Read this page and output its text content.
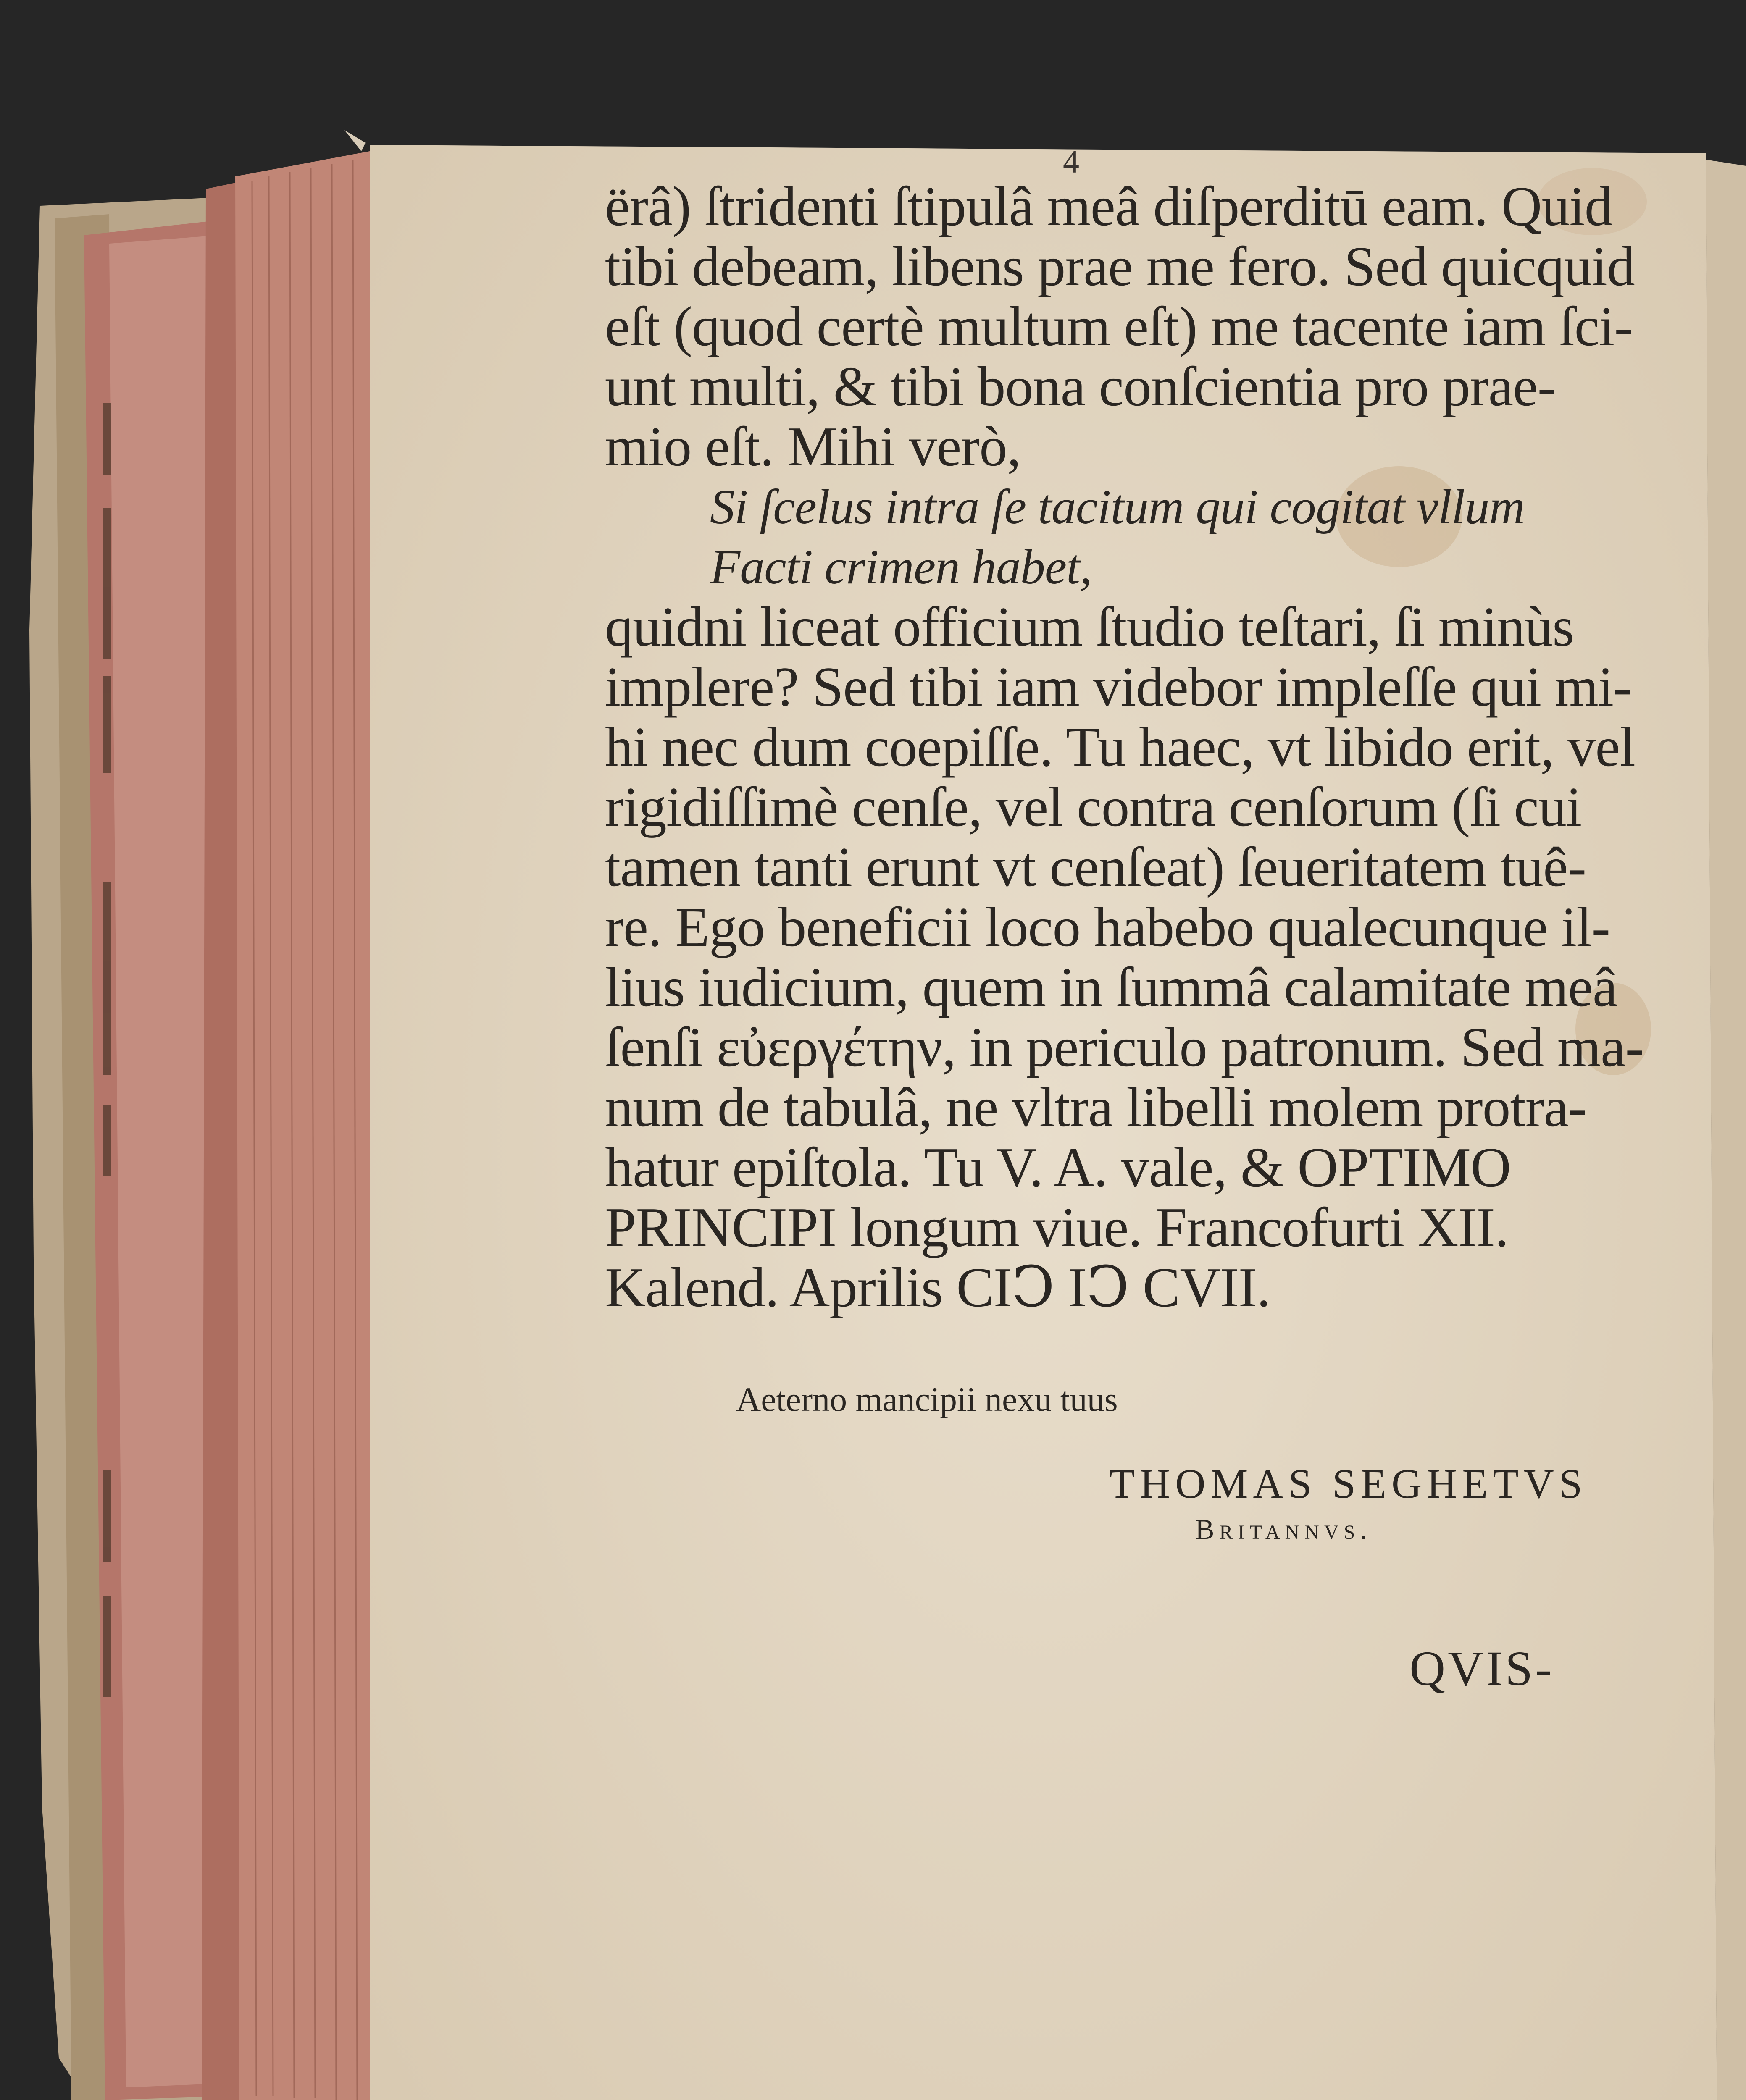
4
ërâ) ſtridenti ſtipulâ meâ diſperditū eam. Quid
tibi debeam, libens prae me fero. Sed quicquid
eſt (quod certè multum eſt) me tacente iam ſci-
unt multi, & tibi bona conſcientia pro prae-
mio eſt. Mihi verò,
Si ſcelus intra ſe tacitum qui cogitat vllum
Facti crimen habet,
quidni liceat officium ſtudio teſtari, ſi minùs
implere? Sed tibi iam videbor impleſſe qui mi-
hi nec dum coepiſſe. Tu haec, vt libido erit, vel
rigidiſſimè cenſe, vel contra cenſorum (ſi cui
tamen tanti erunt vt cenſeat) ſeueritatem tuê-
re. Ego beneficii loco habebo qualecunque il-
lius iudicium, quem in ſummâ calamitate meâ
ſenſi εὐεργέτην, in periculo patronum. Sed ma-
num de tabulâ, ne vltra libelli molem protra-
hatur epiſtola. Tu V. A. vale, & OPTIMO
PRINCIPI longum viue. Francofurti XII.
Kalend. Aprilis CIↃ IↃ CVII.
Aeterno mancipii nexu tuus
THOMAS SEGHETVS
Britannvs.
QVIS-
